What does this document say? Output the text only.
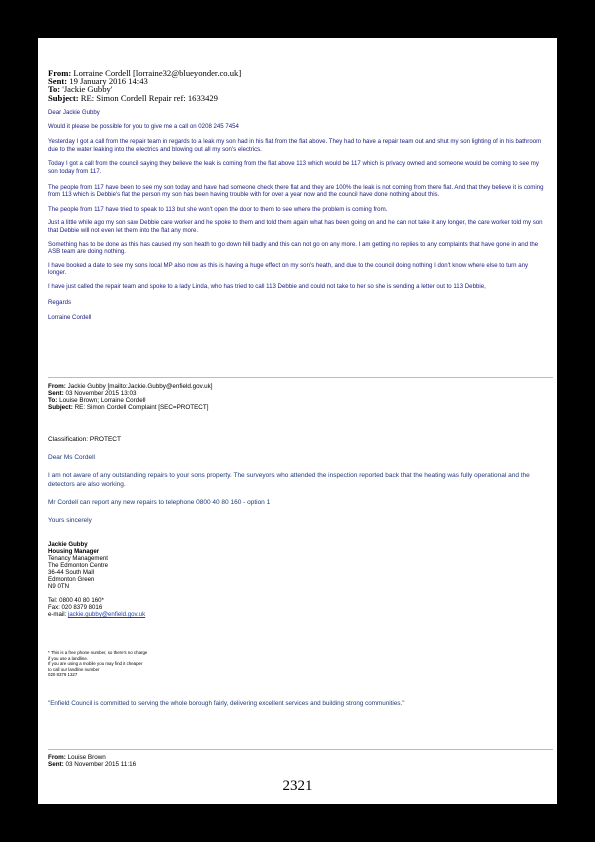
From: Lorraine Cordell [lorraine32@blueyonder.co.uk]
Sent: 19 January 2016 14:43
To: 'Jackie Gubby'
Subject: RE: Simon Cordell Repair ref: 1633429

Dear Jackie Gubby

Would it please be possible for you to give me a call on 0208 245 7454

Yesterday I got a call from the repair team in regards to a leak my son had in his flat from the flat above. They had to have a repair team out and shut my son lighting of in his bathroom due to the water leaking into the electrics and blowing out all my son's electrics.

Today I got a call from the council saying they believe the leak is coming from the flat above 113 which would be 117 which is privacy owned and someone would be coming to see my son today from 117.

The people from 117 have been to see my son today and have had someone check there flat and they are 100% the leak is not coming from there flat. And that they believe it is coming from 113 which is Debbie's flat the person my son has been having trouble with for over a year now and the council have done nothing about this.

The people from 117 have tried to speak to 113 but she won't open the door to them to see where the problem is coming from.

Just a little while ago my son saw Debbie care worker and he spoke to them and told them again what has been going on and he can not take it any longer, the care worker told my son that Debbie will not even let them into the flat any more.

Something has to be done as this has caused my son heath to go down hill badly and this can not go on any more. I am getting no replies to any complaints that have gone in and the ASB team are doing nothing.

I have booked a date to see my sons local MP also now as this is having a huge effect on my son's heath, and due to the council doing nothing I don't know where else to turn any longer.

I have just called the repair team and spoke to a lady Linda, who has tried to call 113 Debbie and could not take to her so she is sending a letter out to 113 Debbie,

Regards

Lorraine Cordell

From: Jackie Gubby [mailto:Jackie.Gubby@enfield.gov.uk]
Sent: 03 November 2015 13:03
To: Louise Brown; Lorraine Cordell
Subject: RE: Simon Cordell Complaint [SEC=PROTECT]
Classification: PROTECT

Dear Ms Cordell

I am not aware of any outstanding repairs to your sons property. The surveyors who attended the inspection reported back that the heating was fully operational and the detectors are also working.

Mr Cordell can report any new repairs to telephone 0800 40 80 160 - option 1

Yours sincerely

Jackie Gubby
Housing Manager
Tenancy Management
The Edmonton Centre
36-44 South Mall
Edmonton Green
N9 0TN
Tel: 0800 40 80 160*
Fax: 020 8379 8016
e-mail: jackie.gubby@enfield.gov.uk
* This is a free phone number, so there's no charge
if you use a landline.
If you are using a mobile you may find it cheaper
to call our landline number
020 8379 1327
"Enfield Council is committed to serving the whole borough fairly, delivering excellent services and building strong communities."
From: Louise Brown
Sent: 03 November 2015 11:16
2321
